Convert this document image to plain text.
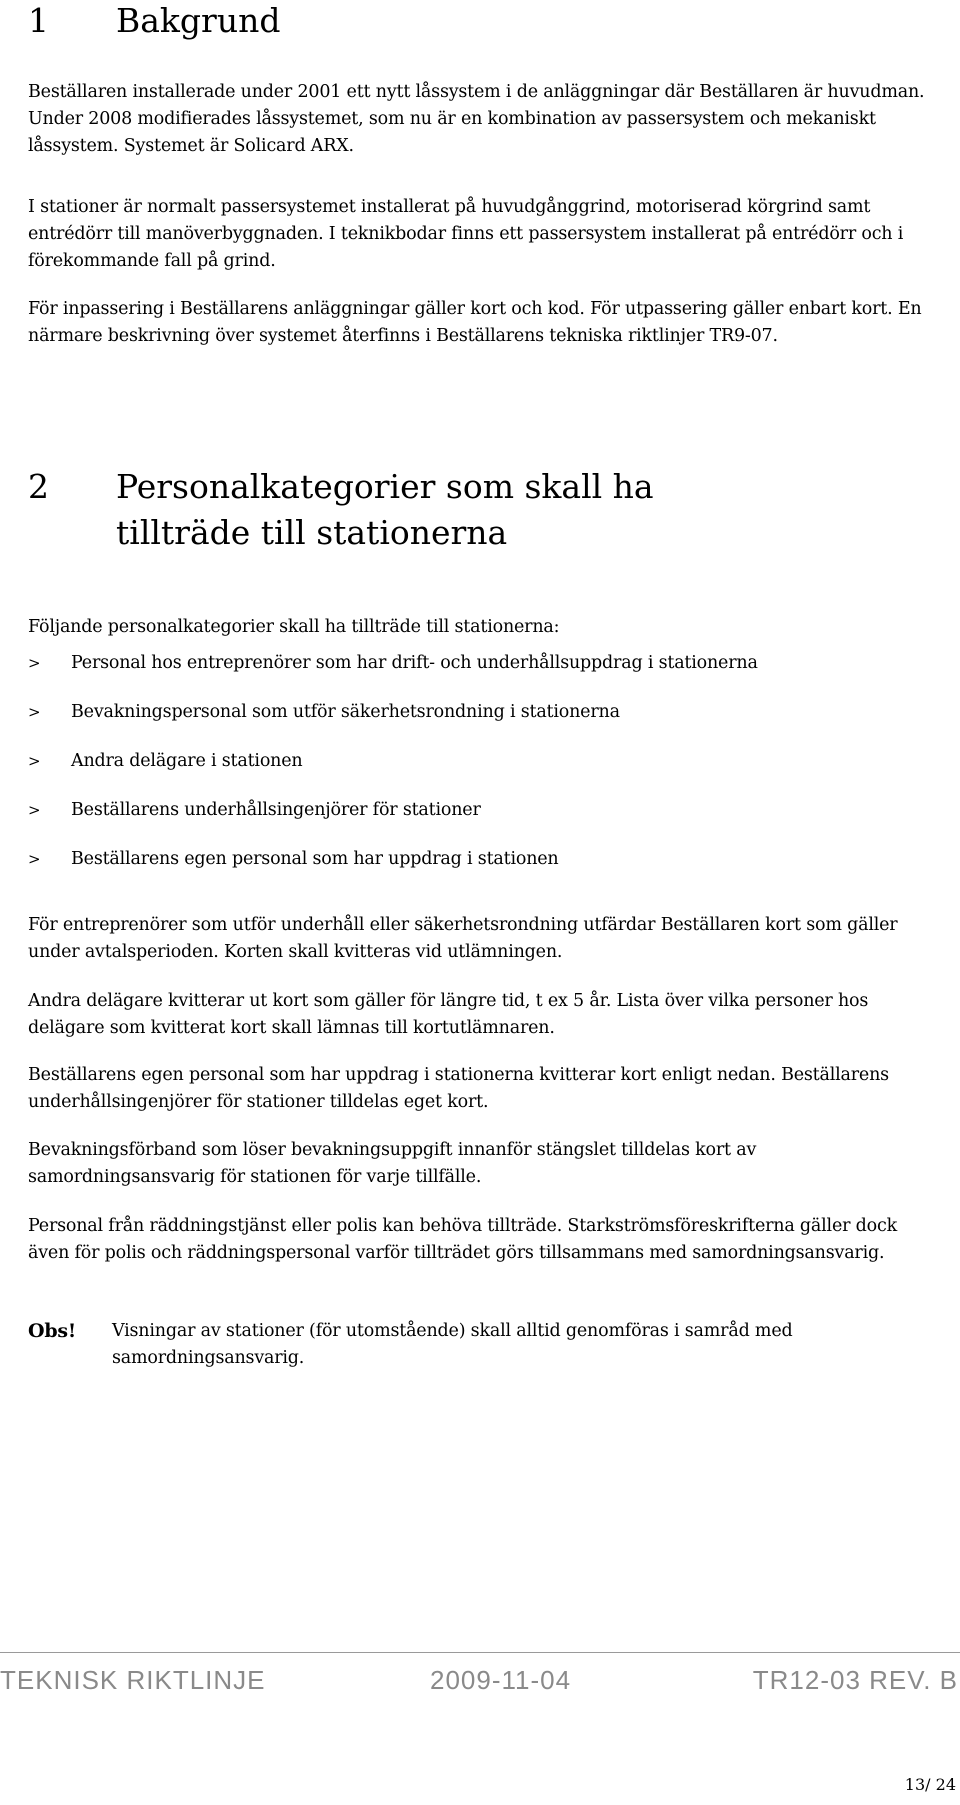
1 Bakgrund

Beställaren installerade under 2001 ett nytt låssystem i de anläggningar där Beställaren är huvudman. Under 2008 modifierades låssystemet, som nu är en kombination av passersystem och mekaniskt låssystem. Systemet är Solicard ARX.

I stationer är normalt passersystemet installerat på huvudgånggrind, motoriserad körgrind samt entrédörr till manöverbyggnaden. I teknikbodar finns ett passersystem installerat på entrédörr och i förekommande fall på grind.

För inpassering i Beställarens anläggningar gäller kort och kod. För utpassering gäller enbart kort. En närmare beskrivning över systemet återfinns i Beställarens tekniska riktlinjer TR9-07.

2 Personalkategorier som skall ha
tillträde till stationerna

Följande personalkategorier skall ha tillträde till stationerna:

>	Personal hos entreprenörer som har drift- och underhållsuppdrag i stationerna
>	Bevakningspersonal som utför säkerhetsrondning i stationerna
>	Andra delägare i stationen
>	Beställarens underhållsingenjörer för stationer
>	Beställarens egen personal som har uppdrag i stationen

För entreprenörer som utför underhåll eller säkerhetsrondning utfärdar Beställaren kort som gäller under avtalsperioden. Korten skall kvitteras vid utlämningen.

Andra delägare kvitterar ut kort som gäller för längre tid, t ex 5 år. Lista över vilka personer hos delägare som kvitterat kort skall lämnas till kortutlämnaren.

Beställarens egen personal som har uppdrag i stationerna kvitterar kort enligt nedan. Beställarens underhållsingenjörer för stationer tilldelas eget kort.

Bevakningsförband som löser bevakningsuppgift innanför stängslet tilldelas kort av samordningsansvarig för stationen för varje tillfälle.

Personal från räddningstjänst eller polis kan behöva tillträde. Starkströmsföreskrifterna gäller dock även för polis och räddningspersonal varför tillträdet görs tillsammans med samordningsansvarig.

Obs!	Visningar av stationer (för utomstående) skall alltid genomföras i samråd med samordningsansvarig.
TEKNISK RIKTLINJE	2009-11-04	TR12-03 REV. B
13/ 24
